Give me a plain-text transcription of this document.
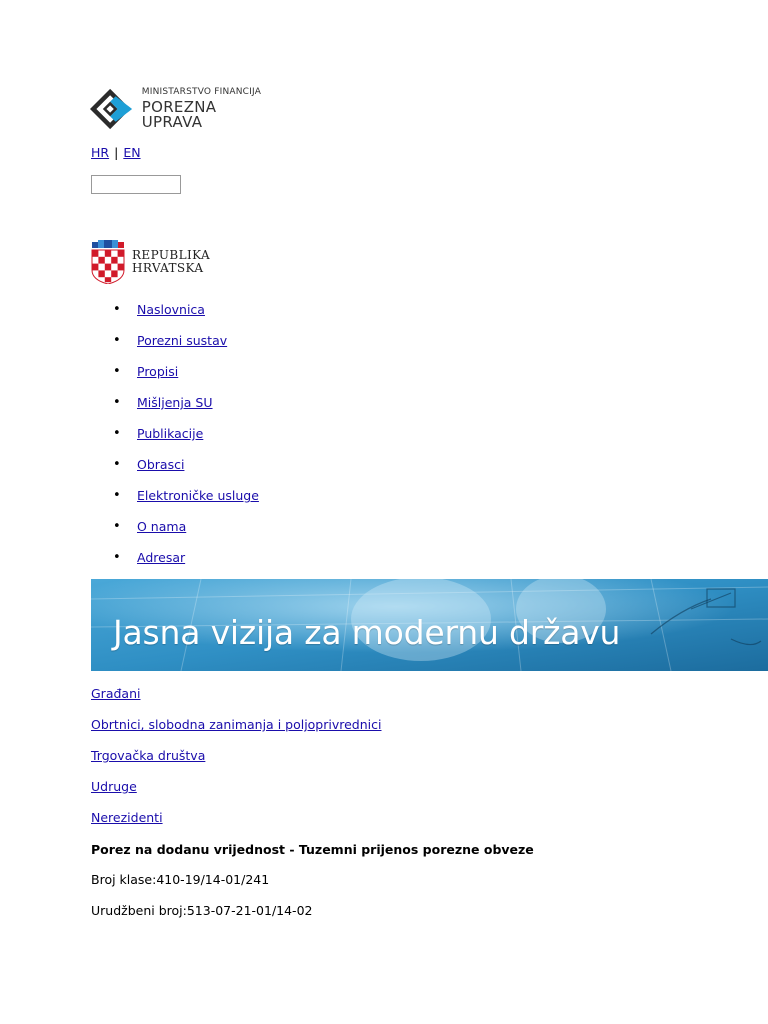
MINISTARSTVO FINANCIJA
POREZNA UPRAVA
HR | EN
REPUBLIKA
HRVATSKA
• Naslovnica
• Porezni sustav
• Propisi
• Mišljenja SU
• Publikacije
• Obrasci
• Elektroničke usluge
• O nama
• Adresar
Jasna vizija za modernu državu
Građani
Obrtnici, slobodna zanimanja i poljoprivrednici
Trgovačka društva
Udruge
Nerezidenti
Porez na dodanu vrijednost - Tuzemni prijenos porezne obveze
Broj klase:410-19/14-01/241
Urudžbeni broj:513-07-21-01/14-02
